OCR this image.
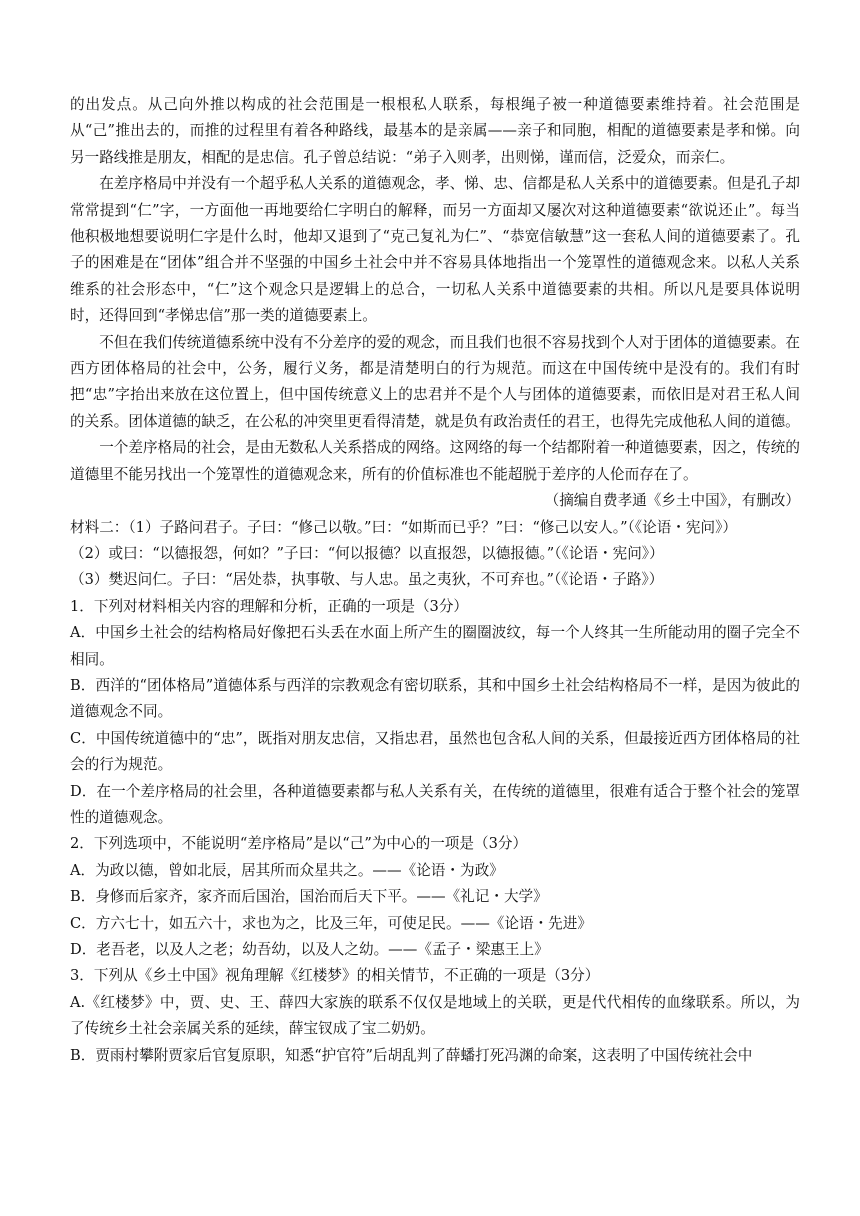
的出发点。从己向外推以构成的社会范围是一根根私人联系，每根绳子被一种道德要素维持着。社会范围是从“己”推出去的，而推的过程里有着各种路线，最基本的是亲属——亲子和同胞，相配的道德要素是孝和悌。向另一路线推是朋友，相配的是忠信。孔子曾总结说：“弟子入则孝，出则悌，谨而信，泛爱众，而亲仁。

在差序格局中并没有一个超乎私人关系的道德观念，孝、悌、忠、信都是私人关系中的道德要素。但是孔子却常常提到“仁”字，一方面他一再地要给仁字明白的解释，而另一方面却又屡次对这种道德要素“欲说还止”。每当他积极地想要说明仁字是什么时，他却又退到了“克己复礼为仁”、“恭宽信敏慧”这一套私人间的道德要素了。孔子的困难是在“团体”组合并不坚强的中国乡土社会中并不容易具体地指出一个笼罩性的道德观念来。以私人关系维系的社会形态中，“仁”这个观念只是逻辑上的总合，一切私人关系中道德要素的共相。所以凡是要具体说明时，还得回到“孝悌忠信”那一类的道德要素上。

不但在我们传统道德系统中没有不分差序的爱的观念，而且我们也很不容易找到个人对于团体的道德要素。在西方团体格局的社会中，公务，履行义务，都是清楚明白的行为规范。而这在中国传统中是没有的。我们有时把“忠”字抬出来放在这位置上，但中国传统意义上的忠君并不是个人与团体的道德要素，而依旧是对君王私人间的关系。团体道德的缺乏，在公私的冲突里更看得清楚，就是负有政治责任的君王，也得先完成他私人间的道德。

一个差序格局的社会，是由无数私人关系搭成的网络。这网络的每一个结都附着一种道德要素，因之，传统的道德里不能另找出一个笼罩性的道德观念来，所有的价值标准也不能超脱于差序的人伦而存在了。

（摘编自费孝通《乡土中国》，有删改）

材料二：（1）子路问君子。子曰：“修己以敬。”曰：“如斯而已乎？”曰：“修己以安人。”（《论语・宪问》）

（2）或曰：“以德报怨，何如？”子曰：“何以报德？以直报怨，以德报德。”（《论语・宪问》）

（3）樊迟问仁。子曰：“居处恭，执事敬、与人忠。虽之夷狄，不可弃也。”（《论语・子路》）

1．下列对材料相关内容的理解和分析，正确的一项是（3分）

A．中国乡土社会的结构格局好像把石头丢在水面上所产生的圈圈波纹，每一个人终其一生所能动用的圈子完全不相同。

B．西洋的“团体格局”道德体系与西洋的宗教观念有密切联系，其和中国乡土社会结构格局不一样，是因为彼此的道德观念不同。

C．中国传统道德中的“忠”，既指对朋友忠信，又指忠君，虽然也包含私人间的关系，但最接近西方团体格局的社会的行为规范。

D．在一个差序格局的社会里，各种道德要素都与私人关系有关，在传统的道德里，很难有适合于整个社会的笼罩性的道德观念。

2．下列选项中，不能说明“差序格局”是以“己”为中心的一项是（3分）

A．为政以德，曾如北辰，居其所而众星共之。——《论语・为政》

B．身修而后家齐，家齐而后国治，国治而后天下平。——《礼记・大学》

C．方六七十，如五六十，求也为之，比及三年，可使足民。——《论语・先进》

D．老吾老，以及人之老；幼吾幼，以及人之幼。——《孟子・梁惠王上》

3．下列从《乡土中国》视角理解《红楼梦》的相关情节，不正确的一项是（3分）

A.《红楼梦》中，贾、史、王、薛四大家族的联系不仅仅是地域上的关联，更是代代相传的血缘联系。所以，为了传统乡土社会亲属关系的延续，薛宝钗成了宝二奶奶。

B．贾雨村攀附贾家后官复原职，知悉“护官符”后胡乱判了薛蟠打死冯渊的命案，这表明了中国传统社会中
